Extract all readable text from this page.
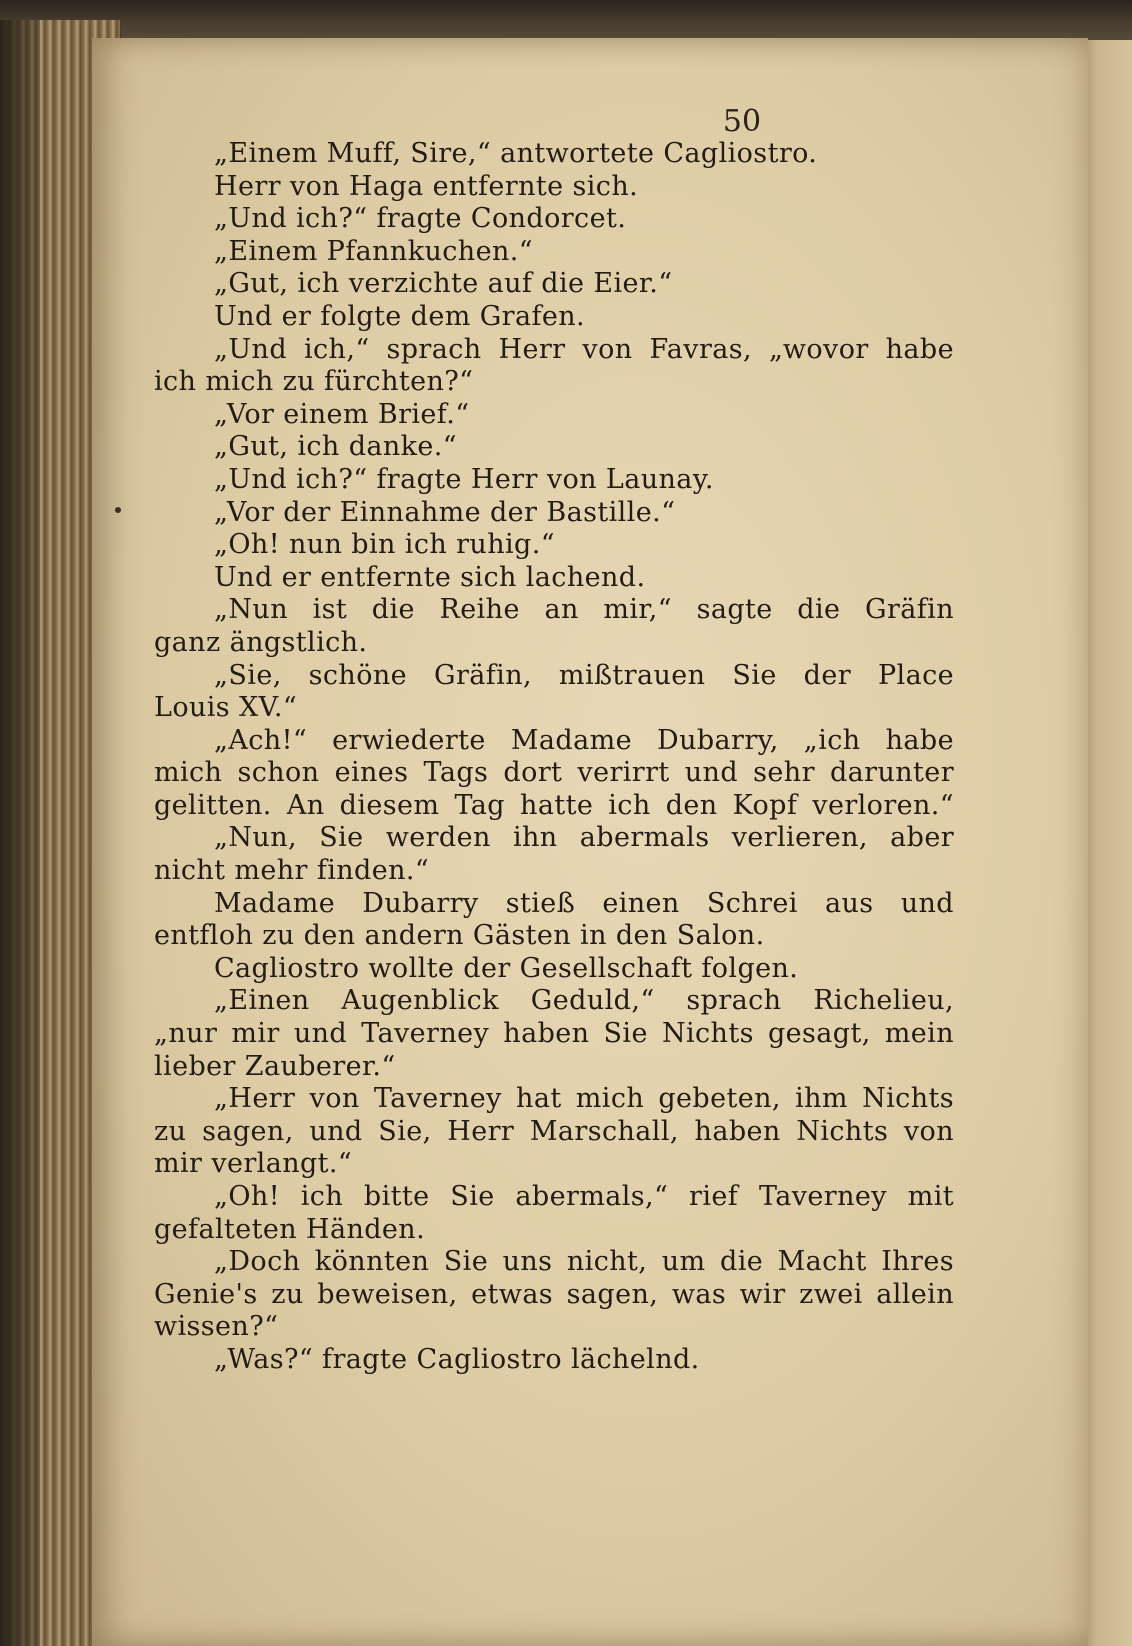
50
„Einem Muff, Sire,“ antwortete Cagliostro.
Herr von Haga entfernte sich.
„Und ich?“ fragte Condorcet.
„Einem Pfannkuchen.“
„Gut, ich verzichte auf die Eier.“
Und er folgte dem Grafen.
„Und ich,“ sprach Herr von Favras, „wovor habe
ich mich zu fürchten?“
„Vor einem Brief.“
„Gut, ich danke.“
„Und ich?“ fragte Herr von Launay.
„Vor der Einnahme der Bastille.“
„Oh! nun bin ich ruhig.“
Und er entfernte sich lachend.
„Nun ist die Reihe an mir,“ sagte die Gräfin
ganz ängstlich.
„Sie, schöne Gräfin, mißtrauen Sie der Place
Louis XV.“
„Ach!“ erwiederte Madame Dubarry, „ich habe
mich schon eines Tags dort verirrt und sehr darunter
gelitten. An diesem Tag hatte ich den Kopf verloren.“
„Nun, Sie werden ihn abermals verlieren, aber
nicht mehr finden.“
Madame Dubarry stieß einen Schrei aus und
entfloh zu den andern Gästen in den Salon.
Cagliostro wollte der Gesellschaft folgen.
„Einen Augenblick Geduld,“ sprach Richelieu,
„nur mir und Taverney haben Sie Nichts gesagt, mein
lieber Zauberer.“
„Herr von Taverney hat mich gebeten, ihm Nichts
zu sagen, und Sie, Herr Marschall, haben Nichts von
mir verlangt.“
„Oh! ich bitte Sie abermals,“ rief Taverney mit
gefalteten Händen.
„Doch könnten Sie uns nicht, um die Macht Ihres
Genie's zu beweisen, etwas sagen, was wir zwei allein
wissen?“
„Was?“ fragte Cagliostro lächelnd.
